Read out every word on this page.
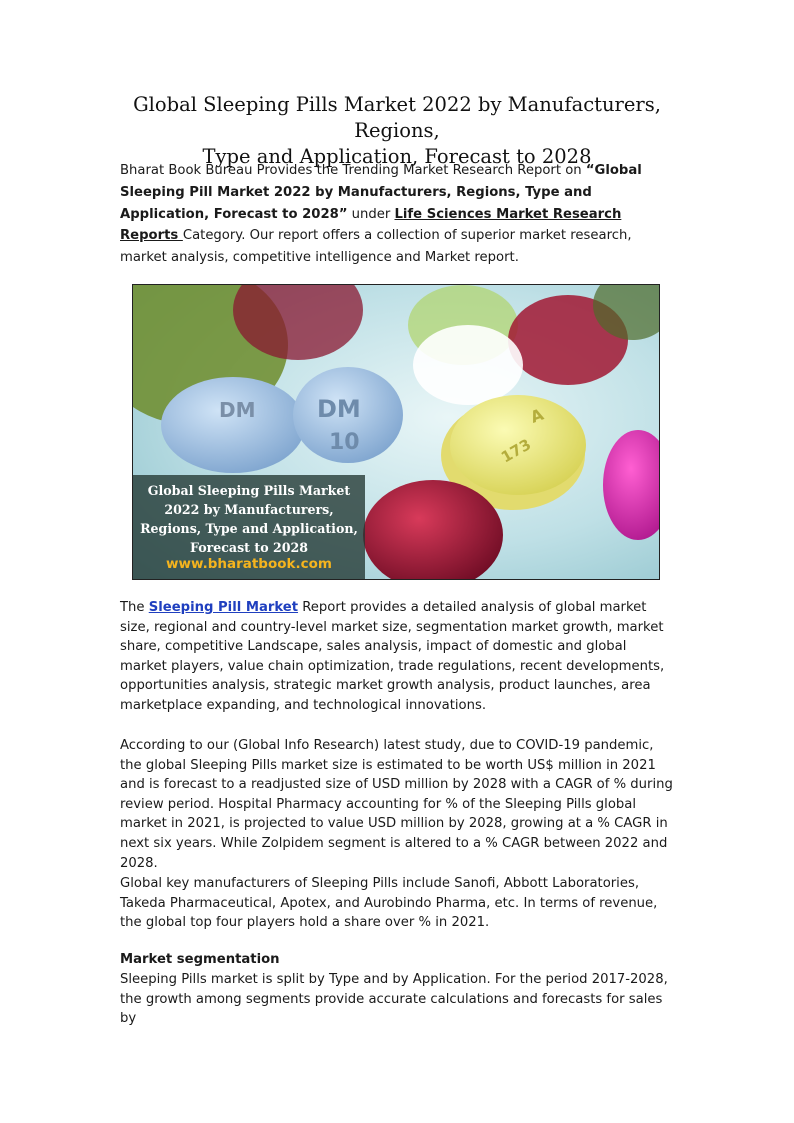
Global Sleeping Pills Market 2022 by Manufacturers, Regions,
Type and Application, Forecast to 2028

Bharat Book Bureau Provides the Trending Market Research Report on “Global Sleeping Pill Market 2022 by Manufacturers, Regions, Type and Application, Forecast to 2028” under Life Sciences Market Research Reports Category. Our report offers a collection of superior market research, market analysis, competitive intelligence and Market report.

DM	DM
10
A
173
Global Sleeping Pills Market 2022 by Manufacturers, Regions, Type and Application, Forecast to 2028
www.bharatbook.com

The Sleeping Pill Market Report provides a detailed analysis of global market size, regional and country-level market size, segmentation market growth, market share, competitive Landscape, sales analysis, impact of domestic and global market players, value chain optimization, trade regulations, recent developments, opportunities analysis, strategic market growth analysis, product launches, area marketplace expanding, and technological innovations.

According to our (Global Info Research) latest study, due to COVID-19 pandemic, the global Sleeping Pills market size is estimated to be worth US$ million in 2021 and is forecast to a readjusted size of USD million by 2028 with a CAGR of % during review period. Hospital Pharmacy accounting for % of the Sleeping Pills global market in 2021, is projected to value USD million by 2028, growing at a % CAGR in next six years. While Zolpidem segment is altered to a % CAGR between 2022 and 2028.

Global key manufacturers of Sleeping Pills include Sanofi, Abbott Laboratories, Takeda Pharmaceutical, Apotex, and Aurobindo Pharma, etc. In terms of revenue, the global top four players hold a share over % in 2021.

Market segmentation

Sleeping Pills market is split by Type and by Application. For the period 2017-2028, the growth among segments provide accurate calculations and forecasts for sales by
